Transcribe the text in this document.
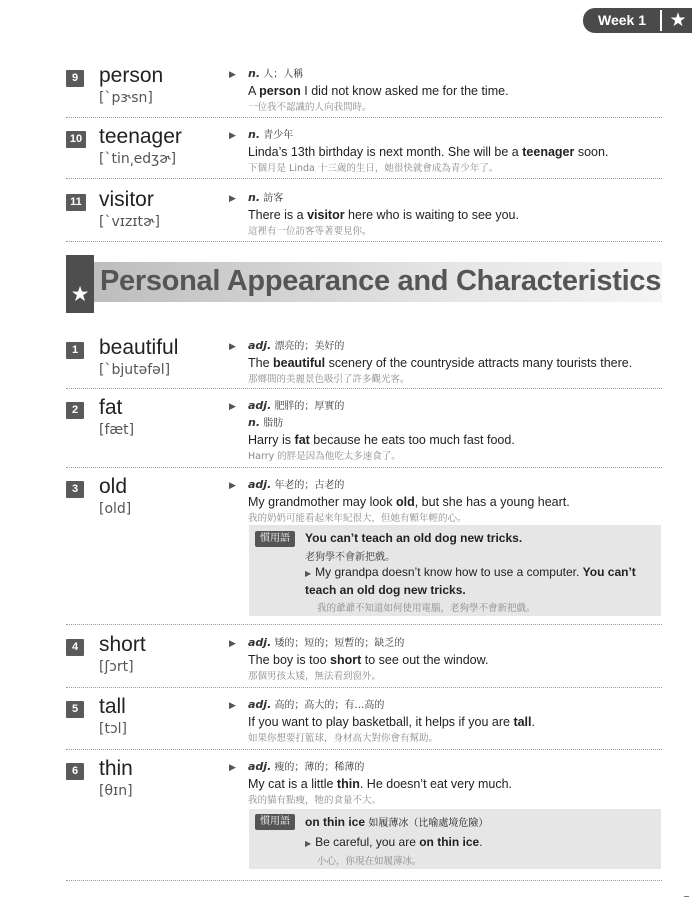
Week 1 ★
9 person
[ˋpɝsn]
▶ n. 人；人稱
A person I did not know asked me for the time.
一位我不認識的人向我問時。
10 teenager
[ˋtin͵edʒɚ]
▶ n. 青少年
Linda’s 13th birthday is next month. She will be a teenager soon.
下個月是 Linda 十三歲的生日，她很快就會成為青少年了。
11 visitor
[ˋvɪzɪtɚ]
▶ n. 訪客
There is a visitor here who is waiting to see you.
這裡有一位訪客等著要見你。
★ Personal Appearance and Characteristics
1 beautiful
[ˋbjutəfəl]
▶ adj. 漂亮的；美好的
The beautiful scenery of the countryside attracts many tourists there.
那鄉間的美麗景色吸引了許多觀光客。
2 fat
[fæt]
▶ adj. 肥胖的；厚實的
n. 脂肪
Harry is fat because he eats too much fast food.
Harry 的胖是因為他吃太多速食了。
3 old
[old]
▶ adj. 年老的；古老的
My grandmother may look old, but she has a young heart.
我的奶奶可能看起來年紀很大，但她有顆年輕的心。
慣用語	You can’t teach an old dog new tricks.
老狗學不會新把戲。
▶ My grandpa doesn’t know how to use a computer. You can’t teach an old dog new tricks.
我的爺爺不知道如何使用電腦，老狗學不會新把戲。
4 short
[ʃɔrt]
▶ adj. 矮的；短的；短暫的；缺乏的
The boy is too short to see out the window.
那個男孩太矮，無法看到窗外。
5 tall
[tɔl]
▶ adj. 高的；高大的；有…高的
If you want to play basketball, it helps if you are tall.
如果你想要打籃球，身材高大對你會有幫助。
6 thin
[θɪn]
▶ adj. 瘦的；薄的；稀薄的
My cat is a little thin. He doesn’t eat very much.
我的貓有點瘦，牠的食量不大。
慣用語	on thin ice 如履薄冰（比喻處境危險）
▶ Be careful, you are on thin ice.
小心，你現在如履薄冰。
